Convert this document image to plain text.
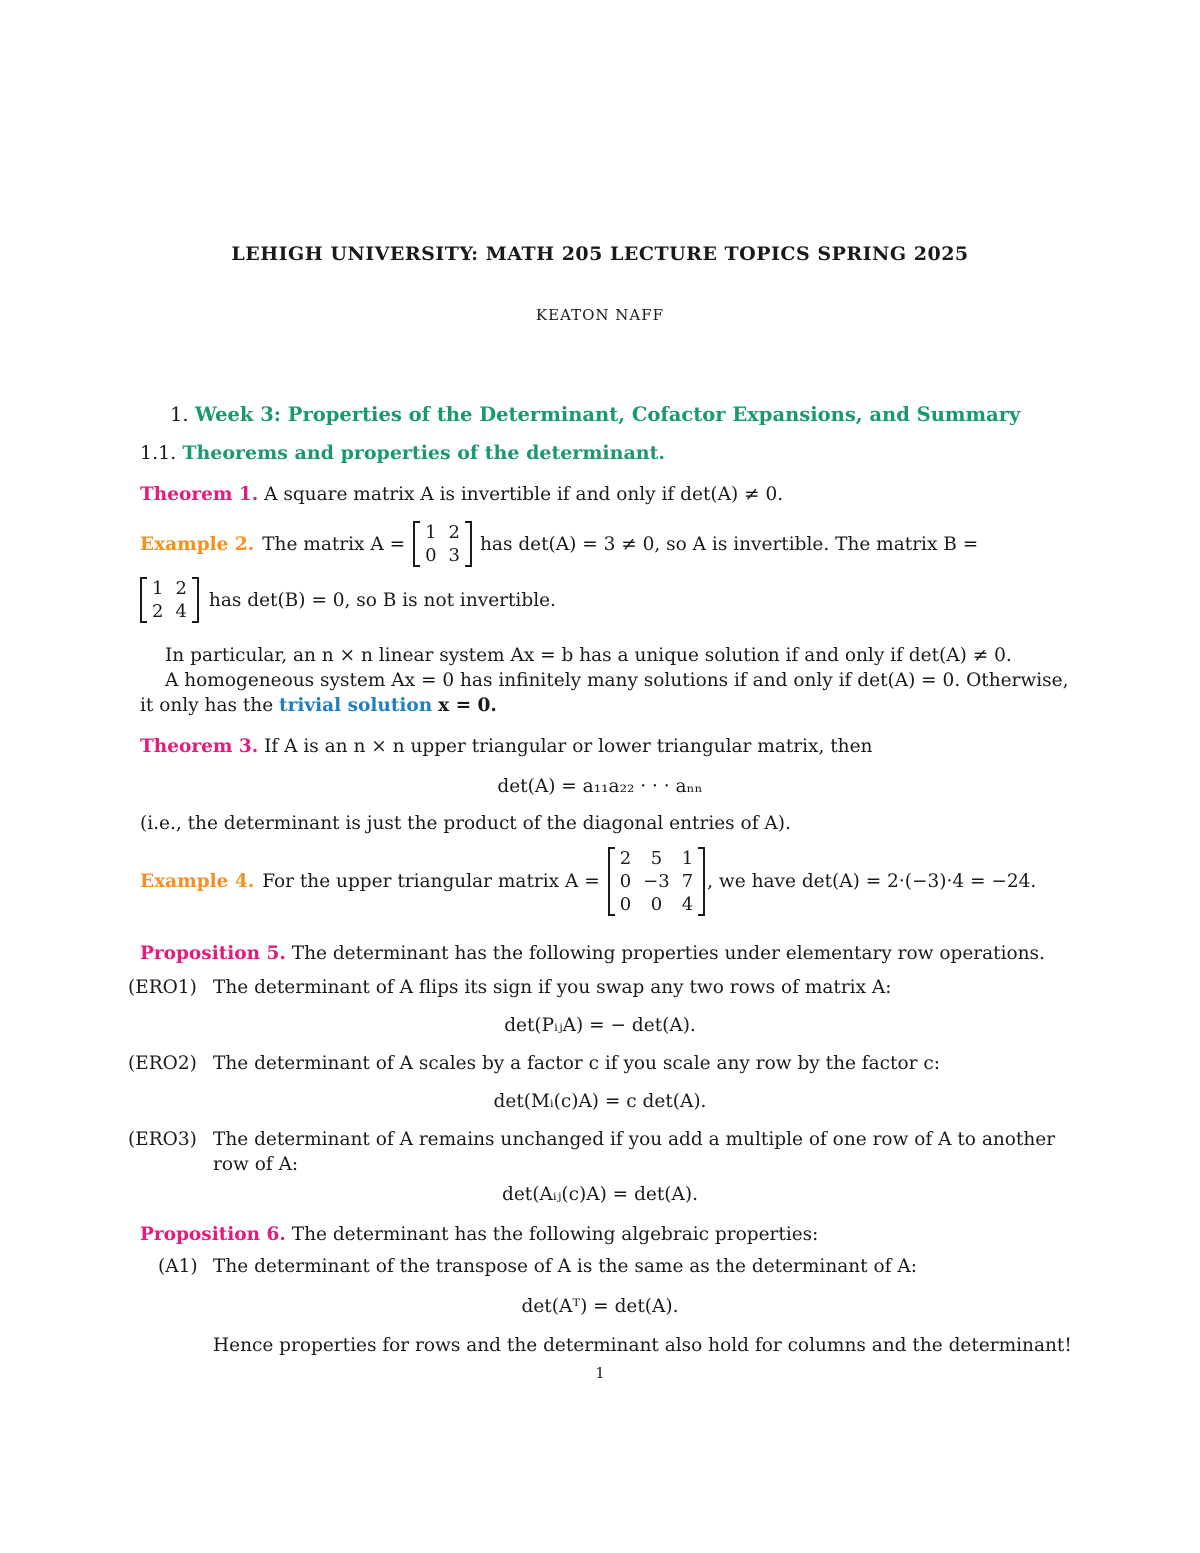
LEHIGH UNIVERSITY: MATH 205 LECTURE TOPICS SPRING 2025
KEATON NAFF
1. Week 3: Properties of the Determinant, Cofactor Expansions, and Summary
1.1. Theorems and properties of the determinant.
Theorem 1. A square matrix A is invertible if and only if det(A) ≠ 0.
Example 2. The matrix A =
1	2
0	3
has det(A) = 3 ≠ 0, so A is invertible. The matrix B =
1	2
2	4
has det(B) = 0, so B is not invertible.
In particular, an n × n linear system Ax = b has a unique solution if and only if det(A) ≠ 0.
A homogeneous system Ax = 0 has infinitely many solutions if and only if det(A) = 0. Otherwise,
it only has the trivial solution x = 0.
Theorem 3. If A is an n × n upper triangular or lower triangular matrix, then
det(A) = a₁₁a₂₂ · · · aₙₙ
(i.e., the determinant is just the product of the diagonal entries of A).
Example 4. For the upper triangular matrix A =
2	5	1
0	−3	7
0	0	4
, we have det(A) = 2·(−3)·4 = −24.
Proposition 5. The determinant has the following properties under elementary row operations.
(ERO1) The determinant of A flips its sign if you swap any two rows of matrix A:
det(PᵢⱼA) = − det(A).
(ERO2) The determinant of A scales by a factor c if you scale any row by the factor c:
det(Mᵢ(c)A) = c det(A).
(ERO3) The determinant of A remains unchanged if you add a multiple of one row of A to another
row of A:
det(Aᵢⱼ(c)A) = det(A).
Proposition 6. The determinant has the following algebraic properties:
(A1) The determinant of the transpose of A is the same as the determinant of A:
det(Aᵀ) = det(A).
Hence properties for rows and the determinant also hold for columns and the determinant!
1
